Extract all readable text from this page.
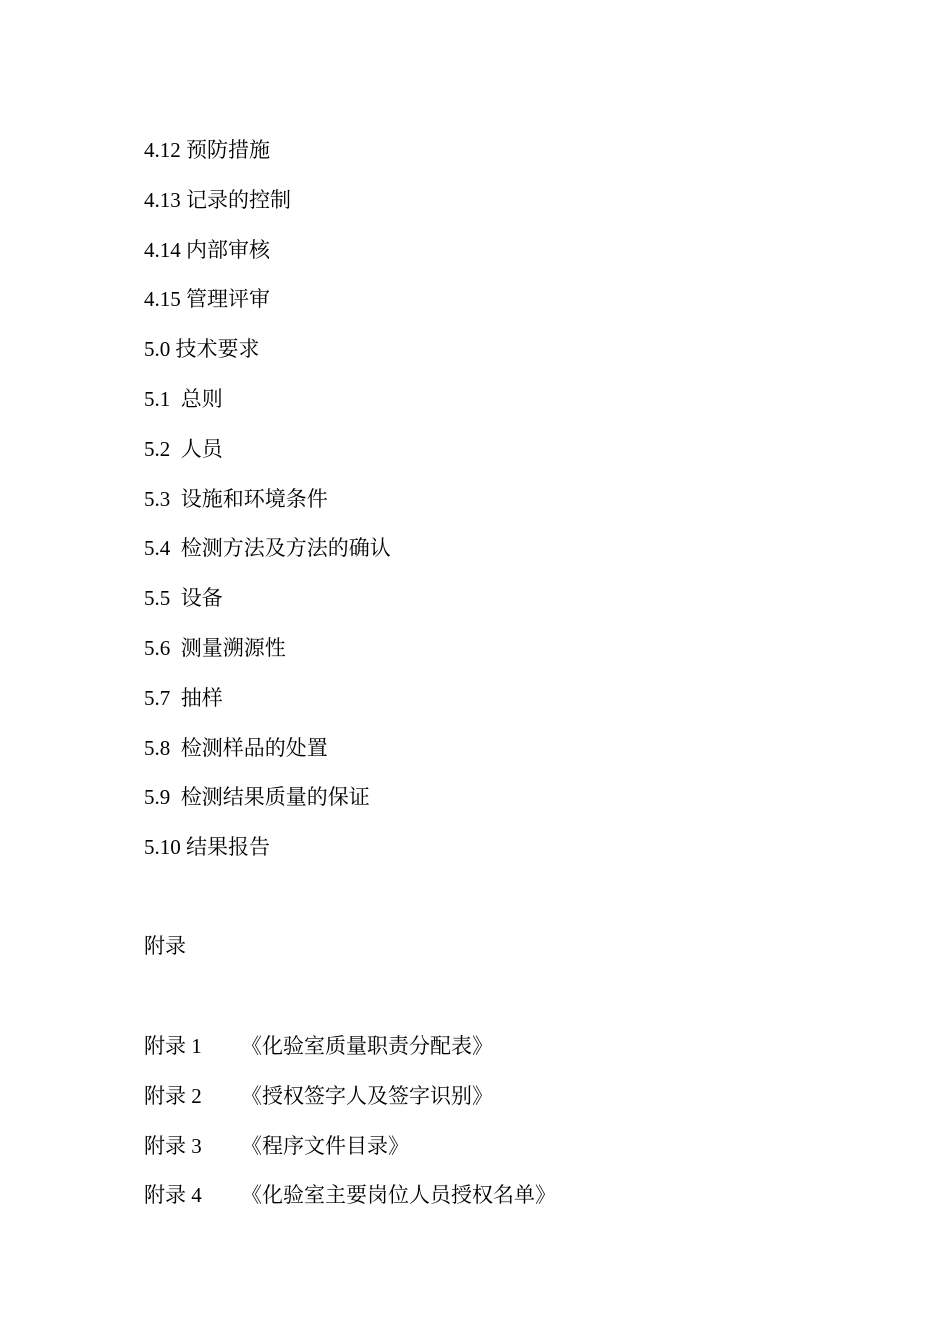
4.12 预防措施
4.13 记录的控制
4.14 内部审核
4.15 管理评审
5.0 技术要求
5.1  总则
5.2  人员
5.3  设施和环境条件
5.4  检测方法及方法的确认
5.5  设备
5.6  测量溯源性
5.7  抽样
5.8  检测样品的处置
5.9  检测结果质量的保证
5.10 结果报告
附录
附录 1 《化验室质量职责分配表》
附录 2 《授权签字人及签字识别》
附录 3 《程序文件目录》
附录 4 《化验室主要岗位人员授权名单》
